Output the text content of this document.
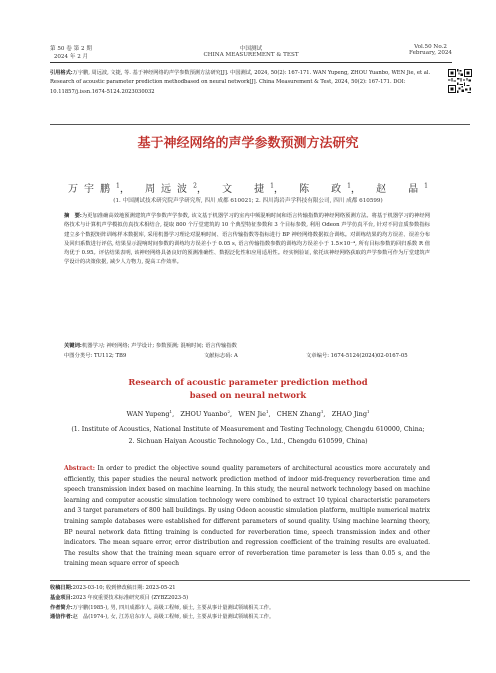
第 50 卷 第 2 期
2024 年 2 月
中国测试
CHINA MEASUREMENT & TEST
Vol.50 No.2
February, 2024
引用格式:万宇鹏, 周远波, 文捷, 等. 基于神经网络的声学参数预测方法研究[J]. 中国测试, 2024, 50(2): 167-171. WAN Yupeng, ZHOU Yuanbo, WEN Jie, et al. Research of acoustic parameter prediction methodbased on neural network[J]. China Measurement & Test, 2024, 50(2): 167-171. DOI: 10.11857/j.issn.1674-5124.2023030032
基于神经网络的声学参数预测方法研究
万宇鹏$^1$， 周远波$^2$， 文　捷$^1$， 陈　政$^1$， 赵　晶$^1$
(1. 中国测试技术研究院声学研究所, 四川 成都 610021; 2. 四川海岩声学科技有限公司, 四川 成都 610599)
摘　要:为更加准确高效地预测建筑声学参数声学参数, 该文基于机器学习的室内中频混响时间和语言传输指数的神经网络预测方法。将基于机器学习的神经网络技术与计算机声学模拟仿真技术相结合, 提取 800 个厅堂建筑的 10 个典型特征参数和 3 个目标参数, 利用 Odeon 声学仿真平台, 针对不同音质参数指标建立多个数据矩阵训练样本数据库, 采用机器学习理论对混响时间、语言传输指数等指标进行 BP 神经网络数据拟合训练。对训练结果的均方误差、误差分布及回归系数进行评估, 结果显示混响时间参数的训练均方误差小于 0.05 s, 语言传输指数参数的训练均方误差小于 1.5×10⁻⁴, 所有目标参数的回归系数 R 值均优于 0.95。评估结果表明, 该神经网络具备良好的预测准确性、数据泛化性和应用适用性。经实例验证, 依托该神经网络获取的声学参数可作为厅堂建筑声学设计的决策依据, 减少人力物力, 提高工作效率。
关键词:机器学习; 神经网络; 声学设计; 参数预测; 混响时间; 语言传输指数
中图分类号: TU112; TB9	文献标志码: A	文章编号: 1674-5124(2024)02-0167-05
Research of acoustic parameter prediction method
based on neural network
WAN Yupeng$^1$,   ZHOU Yuanbo$^2$,   WEN Jie$^1$,   CHEN Zhang$^1$,   ZHAO Jing$^1$
(1. Institute of Acoustics, National Institute of Measurement and Testing Technology, Chengdu 610000, China;
2. Sichuan Haiyan Acoustic Technology Co., Ltd., Chengdu 610599, China)
Abstract: In order to predict the objective sound quality parameters of architectural acoustics more accurately and efficiently, this paper studies the neural network prediction method of indoor mid-frequency reverberation time and speech transmission index based on machine learning. In this study, the neural network technology based on machine learning and computer acoustic simulation technology were combined to extract 10 typical characteristic parameters and 3 target parameters of 800 hall buildings. By using Odeon acoustic simulation platform, multiple numerical matrix training sample databases were established for different parameters of sound quality. Using machine learning theory, BP neural network data fitting training is conducted for reverberation time, speech transmission index and other indicators. The mean square error, error distribution and regression coefficient of the training results are evaluated. The results show that the training mean square error of reverberation time parameter is less than 0.05 s, and the training mean square error of speech
收稿日期:2023-03-10; 收到修改稿日期: 2023-05-21
基金项目:2023 年度重要技术标准研究项目 (ZYBZ2023-5)
作者简介:万宇鹏(1985-), 男, 四川成都市人, 高级工程师, 硕士, 主要从事计量测试领域相关工作。
通信作者:赵　晶(1974-), 女, 江苏启东市人, 高级工程师, 硕士, 主要从事计量测试领域相关工作。
